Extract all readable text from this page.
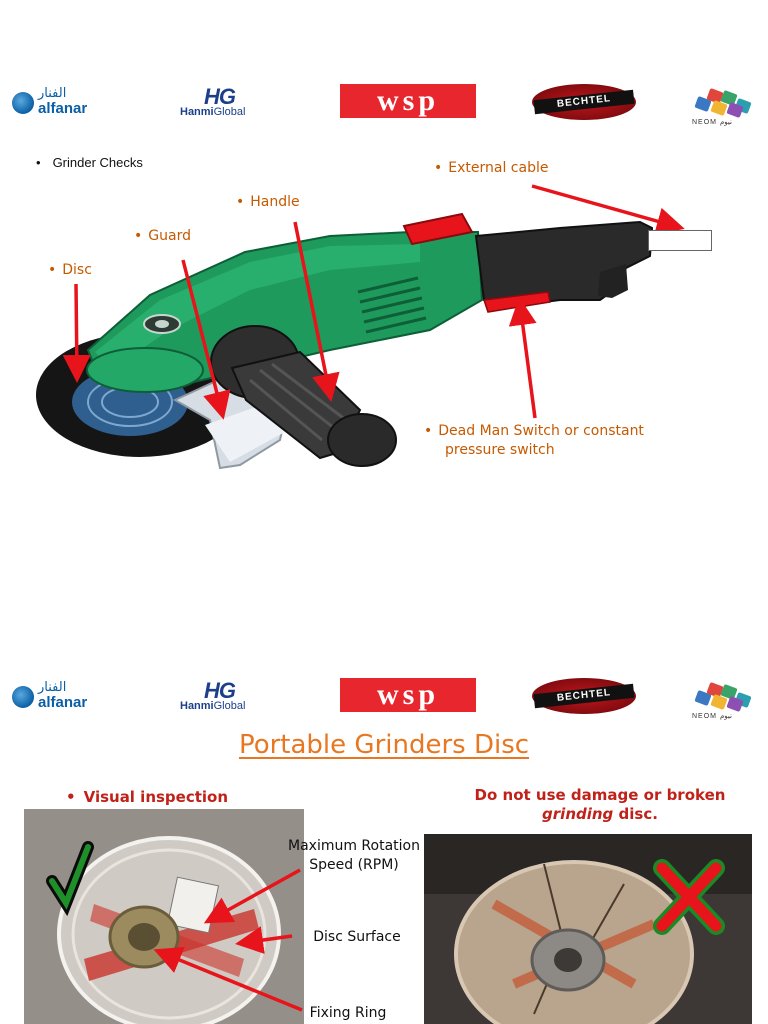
الفنار
alfanar	HG
HanmiGlobal	wsp	BECHTEL
NEOM نيوم
• Grinder Checks	• External cable
• Handle
• Guard
• Disc
• Dead Man Switch or constant
pressure switch
الفنار
alfanar	HG
HanmiGlobal	wsp	BECHTEL
NEOM نيوم
Portable Grinders Disc
• Visual inspection	Do not use damage or broken
grinding disc.
Maximum Rotation
Speed (RPM)
Disc Surface
Fixing Ring
